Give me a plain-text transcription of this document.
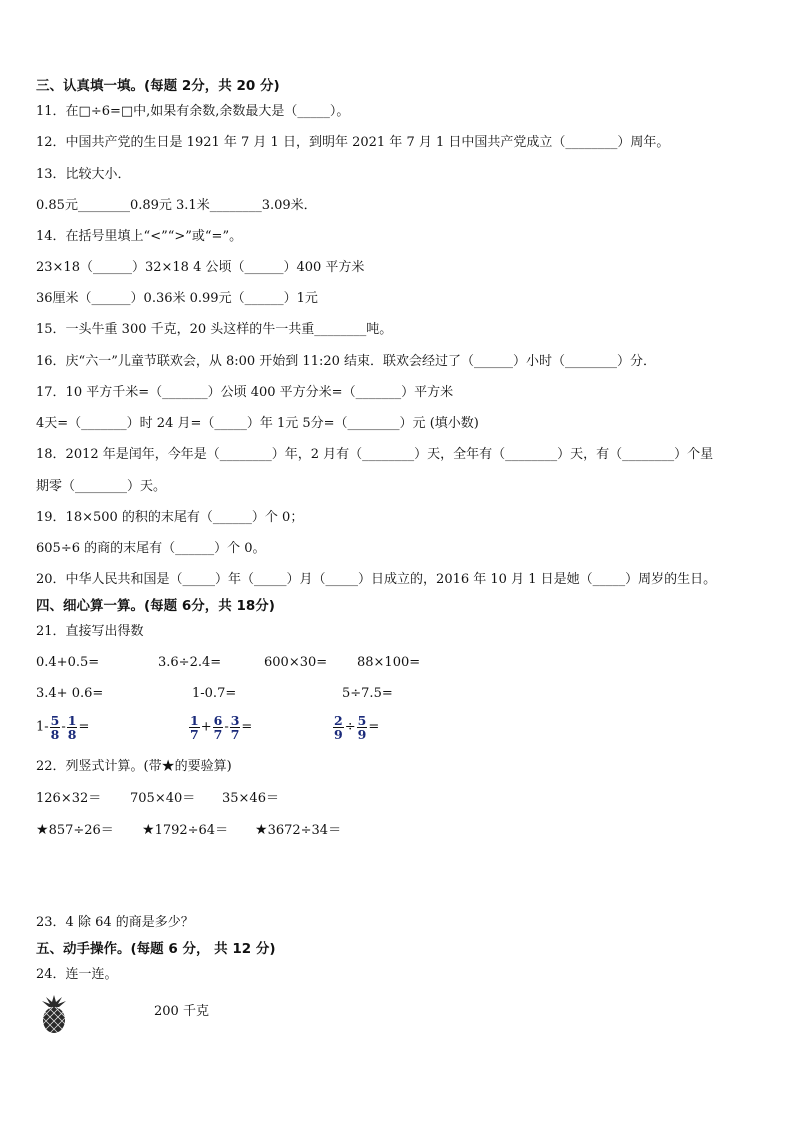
三、认真填一填。(每题 2分，共 20 分)
11．在□÷6=□中,如果有余数,余数最大是（_____）。
12．中国共产党的生日是 1921 年 7 月 1 日，到明年 2021 年 7 月 1 日中国共产党成立（________）周年。
13．比较大小．
0.85元________0.89元 3.1米________3.09米．
14．在括号里填上“<”“>”或“=”。
23×18（______）32×18 4 公顷（______）400 平方米
36厘米（______）0.36米 0.99元（______）1元
15．一头牛重 300 千克，20 头这样的牛一共重________吨。
16．庆“六一”儿童节联欢会，从 8:00 开始到 11:20 结束．联欢会经过了（______）小时（________）分．
17．10 平方千米=（_______）公顷 400 平方分米=（_______）平方米
4天=（_______）时 24 月=（_____）年 1元 5分=（________）元 (填小数)
18．2012 年是闰年，今年是（________）年，2 月有（________）天，全年有（________）天，有（________）个星
期零（________）天。
19．18×500 的积的末尾有（______）个 0；
605÷6 的商的末尾有（______）个 0。
20．中华人民共和国是（_____）年（_____）月（_____）日成立的，2016 年 10 月 1 日是她（_____）周岁的生日。
四、细心算一算。(每题 6分，共 18分)
21．直接写出得数
0.4+0.5=	3.6÷2.4=	600×30= 88×100=
3.4+ 0.6=	1-0.7=	5÷7.5=
$1- \frac{5}{8} - \frac{1}{8}$ =	$\frac{1}{7} + \frac{6}{7} - \frac{3}{7}$ =	$\frac{2}{9} \div \frac{5}{9}$ =
22．列竖式计算。(带★的要验算)
126×32＝ 705×40＝ 35×46＝
★857÷26＝ ★1792÷64＝ ★3672÷34＝
23．4 除 64 的商是多少？
五、动手操作。(每题 6 分， 共 12 分)
24．连一连。
200 千克
